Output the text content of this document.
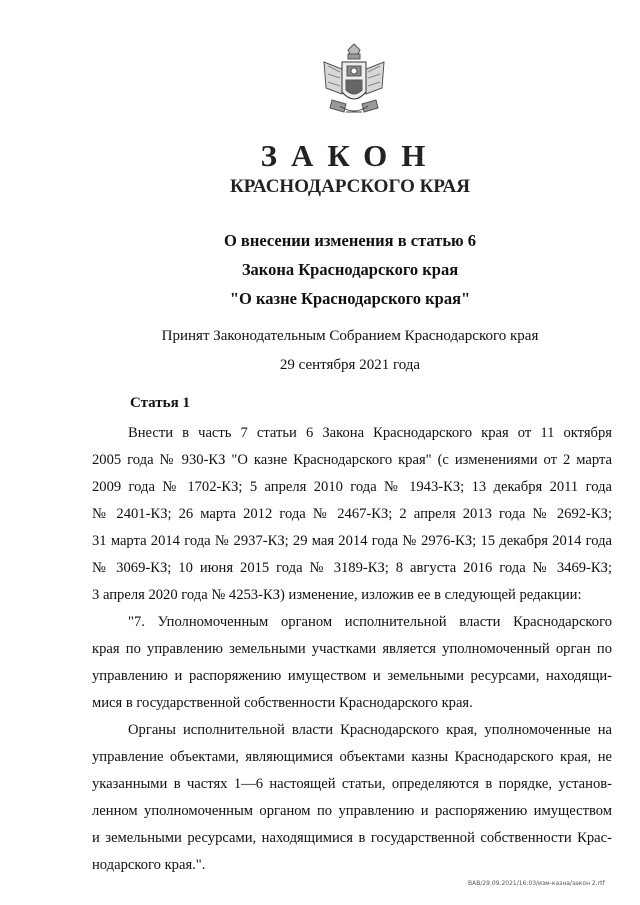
ЗАКОН
КРАСНОДАРСКОГО КРАЯ
О внесении изменения в статью 6
Закона Краснодарского края
"О казне Краснодарского края"
Принят Законодательным Собранием Краснодарского края
29 сентября 2021 года
Статья 1
Внести в часть 7 статьи 6 Закона Краснодарского края от 11 октября
2005 года № 930-КЗ "О казне Краснодарского края" (с изменениями от 2 марта
2009 года № 1702-КЗ; 5 апреля 2010 года № 1943-КЗ; 13 декабря 2011 года
№ 2401-КЗ; 26 марта 2012 года № 2467-КЗ; 2 апреля 2013 года № 2692-КЗ;
31 марта 2014 года № 2937-КЗ; 29 мая 2014 года № 2976-КЗ; 15 декабря 2014 года
№ 3069-КЗ; 10 июня 2015 года № 3189-КЗ; 8 августа 2016 года № 3469-КЗ;
3 апреля 2020 года № 4253-КЗ) изменение, изложив ее в следующей редакции:
"7. Уполномоченным органом исполнительной власти Краснодарского
края по управлению земельными участками является уполномоченный орган по
управлению и распоряжению имуществом и земельными ресурсами, находящи-
мися в государственной собственности Краснодарского края.
Органы исполнительной власти Краснодарского края, уполномоченные на
управление объектами, являющимися объектами казны Краснодарского края, не
указанными в частях 1—6 настоящей статьи, определяются в порядке, установ-
ленном уполномоченным органом по управлению и распоряжению имуществом
и земельными ресурсами, находящимися в государственной собственности Крас-
нодарского края.".
ВАВ/29.09.2021/16:03/изм-казна/закон 2.rtf
